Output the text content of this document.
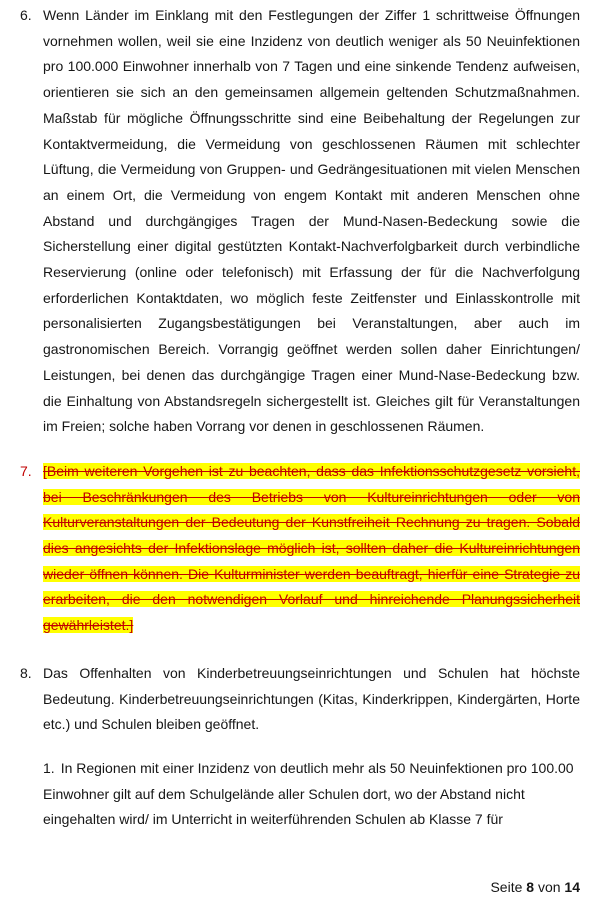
6. Wenn Länder im Einklang mit den Festlegungen der Ziffer 1 schrittweise Öffnungen vornehmen wollen, weil sie eine Inzidenz von deutlich weniger als 50 Neuinfektionen pro 100.000 Einwohner innerhalb von 7 Tagen und eine sinkende Tendenz aufweisen, orientieren sie sich an den gemeinsamen allgemein geltenden Schutzmaßnahmen. Maßstab für mögliche Öffnungsschritte sind eine Beibehaltung der Regelungen zur Kontaktvermeidung, die Vermeidung von geschlossenen Räumen mit schlechter Lüftung, die Vermeidung von Gruppen- und Gedrängesituationen mit vielen Menschen an einem Ort, die Vermeidung von engem Kontakt mit anderen Menschen ohne Abstand und durchgängiges Tragen der Mund-Nasen-Bedeckung sowie die Sicherstellung einer digital gestützten Kontakt-Nachverfolgbarkeit durch verbindliche Reservierung (online oder telefonisch) mit Erfassung der für die Nachverfolgung erforderlichen Kontaktdaten, wo möglich feste Zeitfenster und Einlasskontrolle mit personalisierten Zugangsbestätigungen bei Veranstaltungen, aber auch im gastronomischen Bereich. Vorrangig geöffnet werden sollen daher Einrichtungen/ Leistungen, bei denen das durchgängige Tragen einer Mund-Nase-Bedeckung bzw. die Einhaltung von Abstandsregeln sichergestellt ist. Gleiches gilt für Veranstaltungen im Freien; solche haben Vorrang vor denen in geschlossenen Räumen.
7. [Beim weiteren Vorgehen ist zu beachten, dass das Infektionsschutzgesetz vorsieht, bei Beschränkungen des Betriebs von Kultureinrichtungen oder von Kulturveranstaltungen der Bedeutung der Kunstfreiheit Rechnung zu tragen. Sobald dies angesichts der Infektionslage möglich ist, sollten daher die Kultureinrichtungen wieder öffnen können. Die Kulturminister werden beauftragt, hierfür eine Strategie zu erarbeiten, die den notwendigen Vorlauf und hinreichende Planungssicherheit gewährleistet.]
8. Das Offenhalten von Kinderbetreuungseinrichtungen und Schulen hat höchste Bedeutung. Kinderbetreuungseinrichtungen (Kitas, Kinderkrippen, Kindergärten, Horte etc.) und Schulen bleiben geöffnet.
1. In Regionen mit einer Inzidenz von deutlich mehr als 50 Neuinfektionen pro 100.00 Einwohner gilt auf dem Schulgelände aller Schulen dort, wo der Abstand nicht eingehalten wird/ im Unterricht in weiterführenden Schulen ab Klasse 7 für
Seite 8 von 14
